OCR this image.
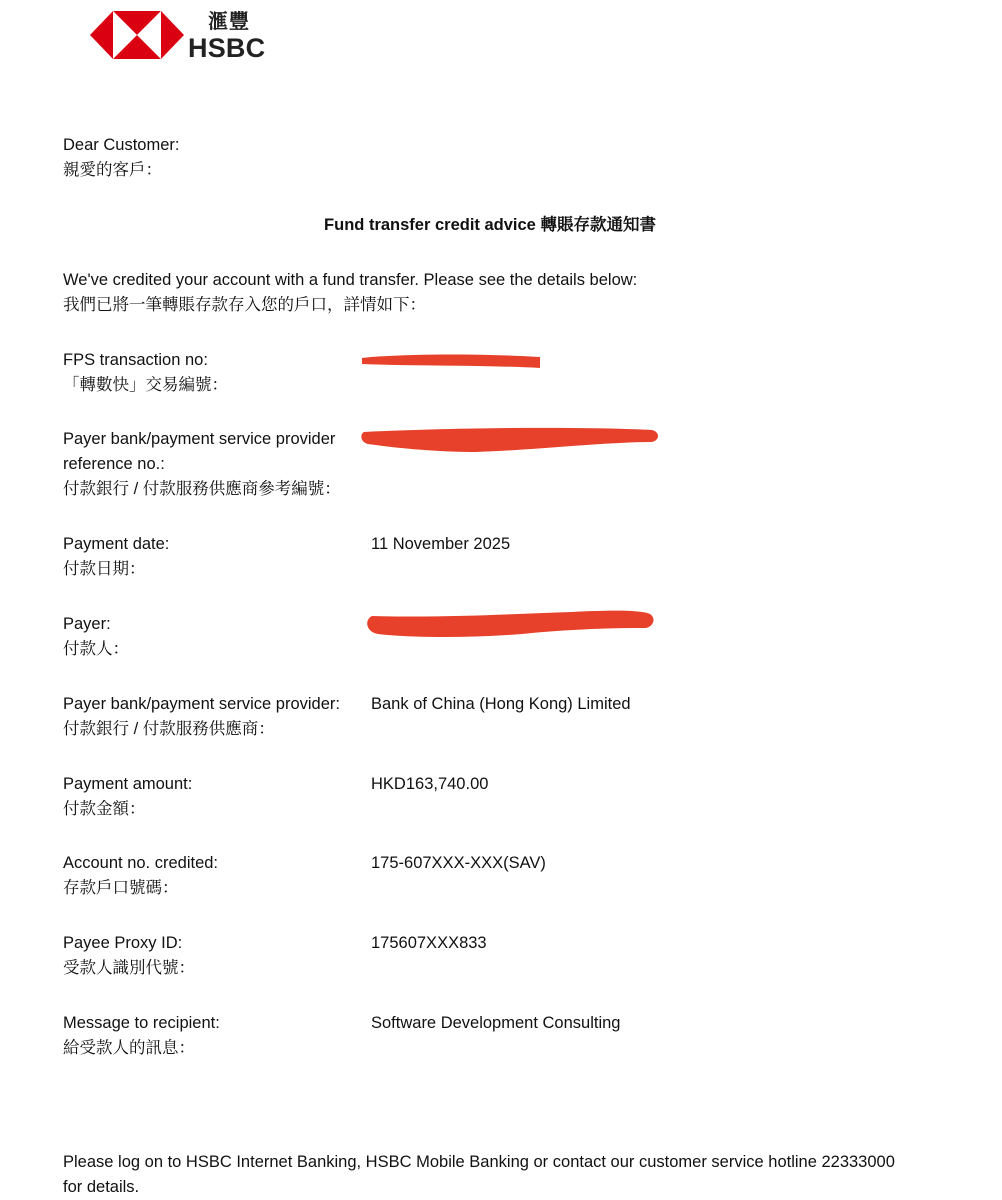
滙豐
HSBC
Dear Customer:
親愛的客戶：
Fund transfer credit advice 轉賬存款通知書
We've credited your account with a fund transfer. Please see the details below:
我們已將一筆轉賬存款存入您的戶口，詳情如下：
FPS transaction no:
「轉數快」交易編號：
Payer bank/payment service provider
reference no.:
付款銀行 / 付款服務供應商參考編號：
Payment date:
付款日期：
11 November 2025
Payer:
付款人：
Payer bank/payment service provider:
付款銀行 / 付款服務供應商：
Bank of China (Hong Kong) Limited
Payment amount:
付款金額：
HKD163,740.00
Account no. credited:
存款戶口號碼：
175-607XXX-XXX(SAV)
Payee Proxy ID:
受款人識別代號：
175607XXX833
Message to recipient:
給受款人的訊息：
Software Development Consulting
Please log on to HSBC Internet Banking, HSBC Mobile Banking or contact our customer service hotline 22333000
for details.
